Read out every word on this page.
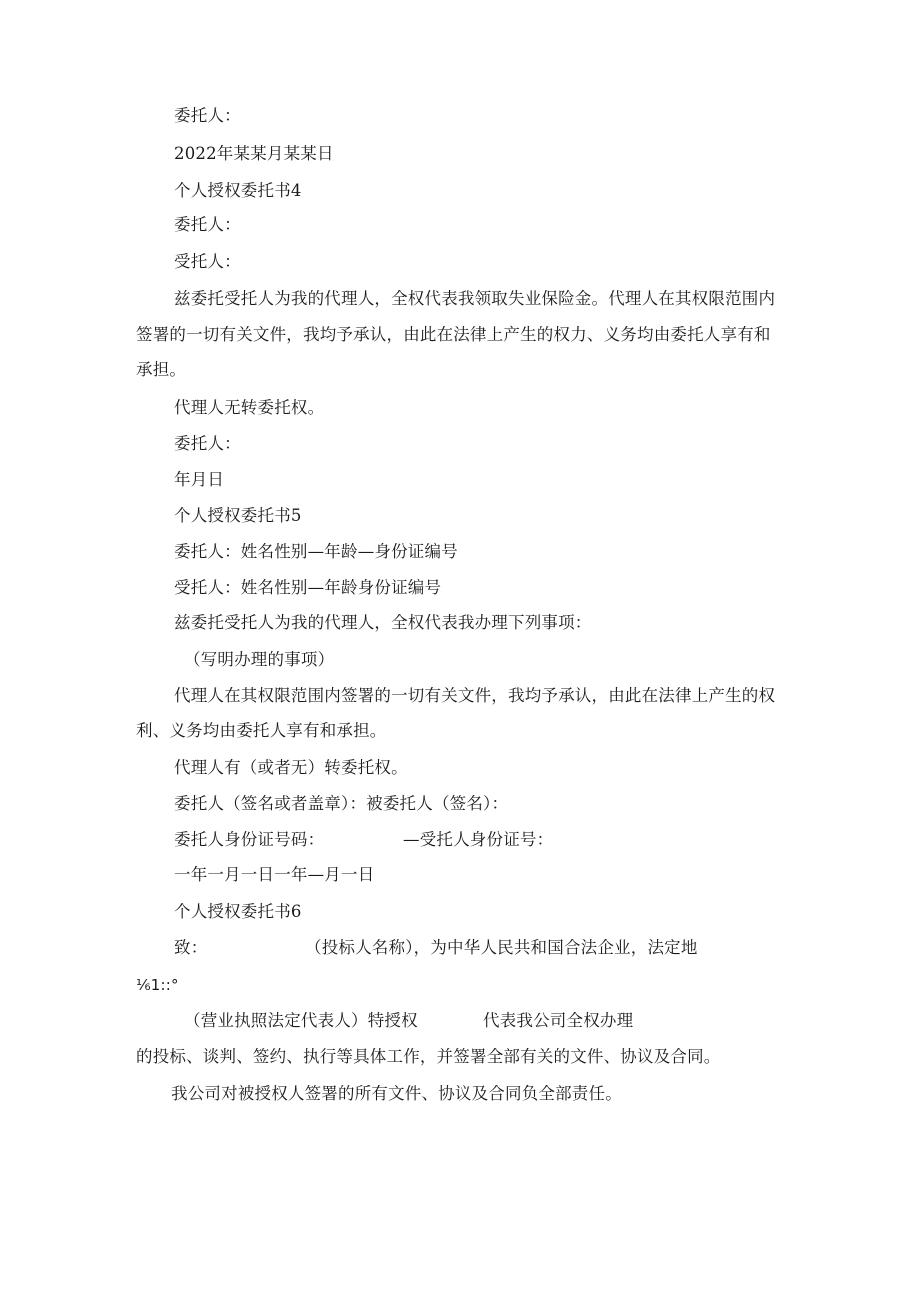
委托人：
2022年某某月某某日
个人授权委托书4
委托人：
受托人：
兹委托受托人为我的代理人，全权代表我领取失业保险金。代理人在其权限范围内
签署的一切有关文件，我均予承认，由此在法律上产生的权力、义务均由委托人享有和
承担。
代理人无转委托权。
委托人：
年月日
个人授权委托书5
委托人：姓名性别—年龄—身份证编号
受托人：姓名性别—年龄身份证编号
兹委托受托人为我的代理人，全权代表我办理下列事项：
（写明办理的事项）
代理人在其权限范围内签署的一切有关文件，我均予承认，由此在法律上产生的权
利、义务均由委托人享有和承担。
代理人有（或者无）转委托权。
委托人（签名或者盖章）：被委托人（签名）：
委托人身份证号码：	—受托人身份证号：
一年一月一日一年—月一日
个人授权委托书6
致：	（投标人名称），为中华人民共和国合法企业，法定地
⅙1::°
（营业执照法定代表人）特授权	代表我公司全权办理
的投标、谈判、签约、执行等具体工作，并签署全部有关的文件、协议及合同。
我公司对被授权人签署的所有文件、协议及合同负全部责任。
